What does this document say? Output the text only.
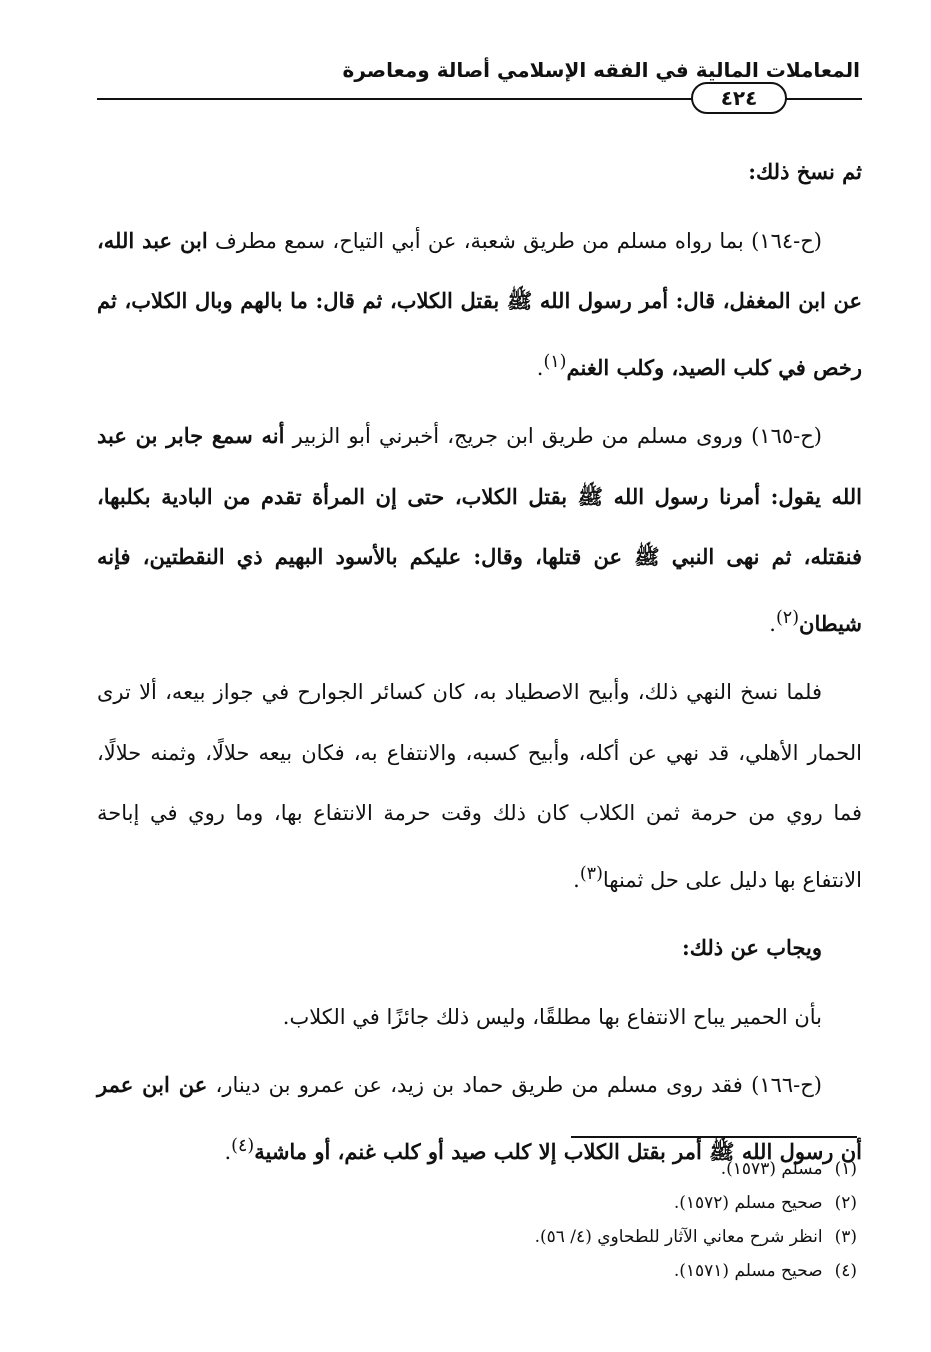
المعاملات المالية في الفقه الإسلامي أصالة ومعاصرة
٤٢٤

ثم نسخ ذلك:

(ح-١٦٤) بما رواه مسلم من طريق شعبة، عن أبي التياح، سمع مطرف ابن عبد الله، عن ابن المغفل، قال: أمر رسول الله ﷺ بقتل الكلاب، ثم قال: ما بالهم وبال الكلاب، ثم رخص في كلب الصيد، وكلب الغنم$^{(١)}$.

(ح-١٦٥) وروى مسلم من طريق ابن جريج، أخبرني أبو الزبير أنه سمع جابر بن عبد الله يقول: أمرنا رسول الله ﷺ بقتل الكلاب، حتى إن المرأة تقدم من البادية بكلبها، فنقتله، ثم نهى النبي ﷺ عن قتلها، وقال: عليكم بالأسود البهيم ذي النقطتين، فإنه شيطان$^{(٢)}$.

فلما نسخ النهي ذلك، وأبيح الاصطياد به، كان كسائر الجوارح في جواز بيعه، ألا ترى الحمار الأهلي، قد نهي عن أكله، وأبيح كسبه، والانتفاع به، فكان بيعه حلالًا، وثمنه حلالًا، فما روي من حرمة ثمن الكلاب كان ذلك وقت حرمة الانتفاع بها، وما روي في إباحة الانتفاع بها دليل على حل ثمنها$^{(٣)}$.

ويجاب عن ذلك:

بأن الحمير يباح الانتفاع بها مطلقًا، وليس ذلك جائزًا في الكلاب.

(ح-١٦٦) فقد روى مسلم من طريق حماد بن زيد، عن عمرو بن دينار، عن ابن عمر أن رسول الله ﷺ أمر بقتل الكلاب إلا كلب صيد أو كلب غنم، أو ماشية$^{(٤)}$.

(١)مسلم (١٥٧٣).
(٢)صحيح مسلم (١٥٧٢).
(٣)انظر شرح معاني الآثار للطحاوي (٤/ ٥٦).
(٤)صحيح مسلم (١٥٧١).
